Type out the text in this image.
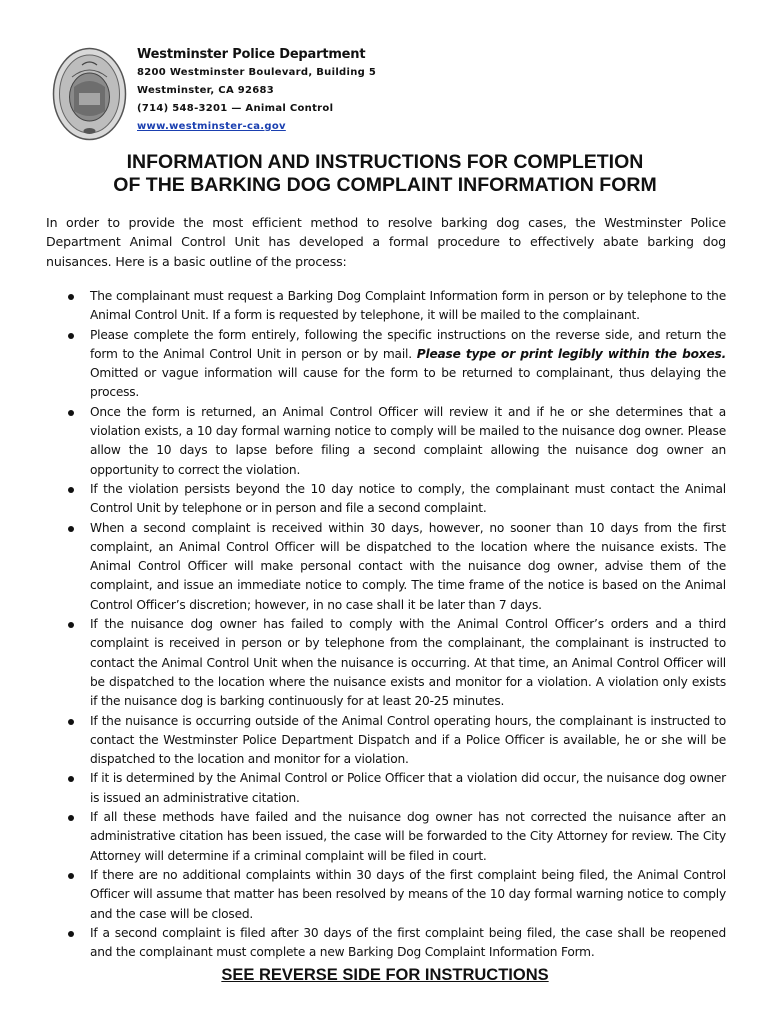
Westminster Police Department
8200 Westminster Boulevard, Building 5
Westminster, CA 92683
(714) 548-3201 — Animal Control
www.westminster-ca.gov
INFORMATION AND INSTRUCTIONS FOR COMPLETION
OF THE BARKING DOG COMPLAINT INFORMATION FORM

In order to provide the most efficient method to resolve barking dog cases, the Westminster Police Department Animal Control Unit has developed a formal procedure to effectively abate barking dog nuisances. Here is a basic outline of the process:

The complainant must request a Barking Dog Complaint Information form in person or by telephone to the Animal Control Unit. If a form is requested by telephone, it will be mailed to the complainant.
Please complete the form entirely, following the specific instructions on the reverse side, and return the form to the Animal Control Unit in person or by mail. Please type or print legibly within the boxes. Omitted or vague information will cause for the form to be returned to complainant, thus delaying the process.
Once the form is returned, an Animal Control Officer will review it and if he or she determines that a violation exists, a 10 day formal warning notice to comply will be mailed to the nuisance dog owner. Please allow the 10 days to lapse before filing a second complaint allowing the nuisance dog owner an opportunity to correct the violation.
If the violation persists beyond the 10 day notice to comply, the complainant must contact the Animal Control Unit by telephone or in person and file a second complaint.
When a second complaint is received within 30 days, however, no sooner than 10 days from the first complaint, an Animal Control Officer will be dispatched to the location where the nuisance exists. The Animal Control Officer will make personal contact with the nuisance dog owner, advise them of the complaint, and issue an immediate notice to comply. The time frame of the notice is based on the Animal Control Officer’s discretion; however, in no case shall it be later than 7 days.
If the nuisance dog owner has failed to comply with the Animal Control Officer’s orders and a third complaint is received in person or by telephone from the complainant, the complainant is instructed to contact the Animal Control Unit when the nuisance is occurring. At that time, an Animal Control Officer will be dispatched to the location where the nuisance exists and monitor for a violation. A violation only exists if the nuisance dog is barking continuously for at least 20-25 minutes.
If the nuisance is occurring outside of the Animal Control operating hours, the complainant is instructed to contact the Westminster Police Department Dispatch and if a Police Officer is available, he or she will be dispatched to the location and monitor for a violation.
If it is determined by the Animal Control or Police Officer that a violation did occur, the nuisance dog owner is issued an administrative citation.
If all these methods have failed and the nuisance dog owner has not corrected the nuisance after an administrative citation has been issued, the case will be forwarded to the City Attorney for review. The City Attorney will determine if a criminal complaint will be filed in court.
If there are no additional complaints within 30 days of the first complaint being filed, the Animal Control Officer will assume that matter has been resolved by means of the 10 day formal warning notice to comply and the case will be closed.
If a second complaint is filed after 30 days of the first complaint being filed, the case shall be reopened and the complainant must complete a new Barking Dog Complaint Information Form.
SEE REVERSE SIDE FOR INSTRUCTIONS
